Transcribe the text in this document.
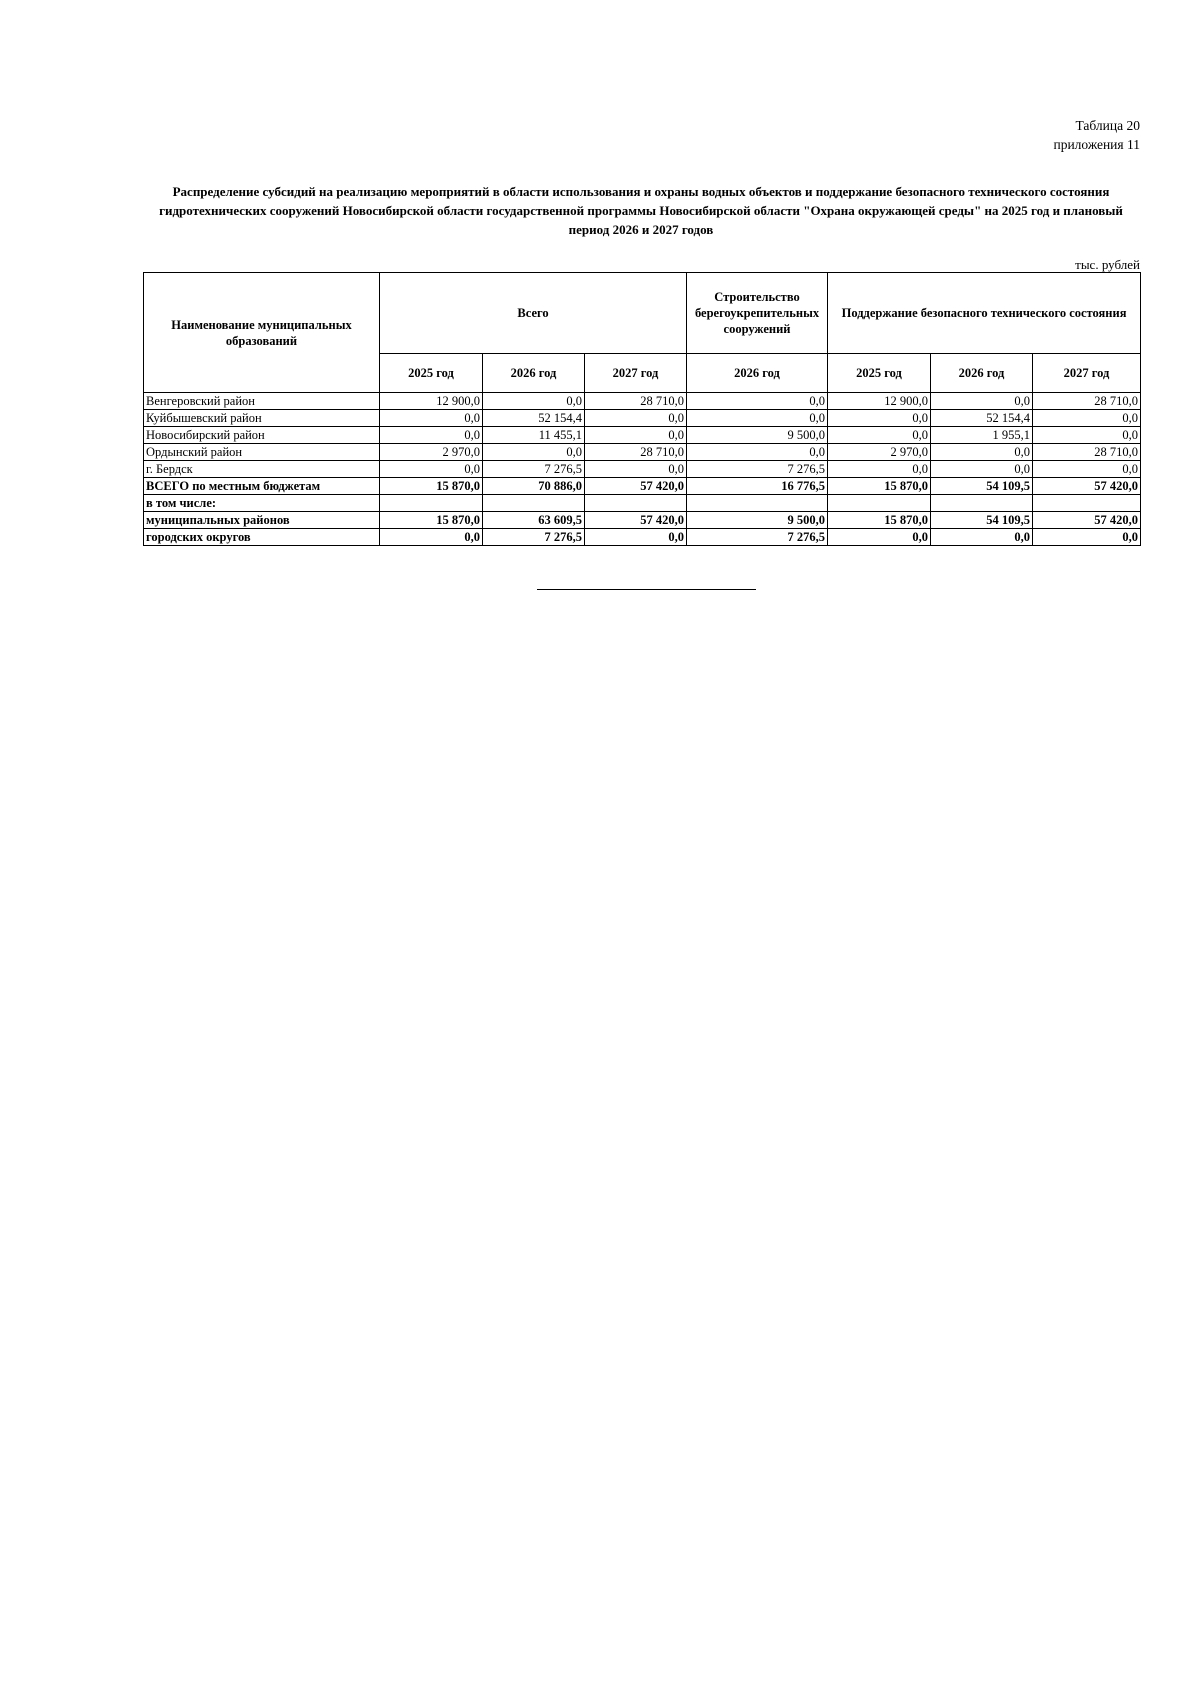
Таблица 20
приложения 11
Распределение субсидий на реализацию мероприятий в области использования и охраны водных объектов и поддержание безопасного технического состояния гидротехнических сооружений Новосибирской области государственной программы Новосибирской области "Охрана окружающей среды" на 2025 год и плановый период 2026 и 2027 годов
тыс. рублей
Наименование муниципальных образований	Всего			Строительство берегоукрепительных сооружений	Поддержание безопасного технического состояния		
	2025 год	2026 год	2027 год	2026 год	2025 год	2026 год	2027 год
Венгеровский район	12 900,0	0,0	28 710,0	0,0	12 900,0	0,0	28 710,0
Куйбышевский район	0,0	52 154,4	0,0	0,0	0,0	52 154,4	0,0
Новосибирский район	0,0	11 455,1	0,0	9 500,0	0,0	1 955,1	0,0
Ордынский район	2 970,0	0,0	28 710,0	0,0	2 970,0	0,0	28 710,0
г. Бердск	0,0	7 276,5	0,0	7 276,5	0,0	0,0	0,0
ВСЕГО по местным бюджетам	15 870,0	70 886,0	57 420,0	16 776,5	15 870,0	54 109,5	57 420,0
в том числе:							
муниципальных районов	15 870,0	63 609,5	57 420,0	9 500,0	15 870,0	54 109,5	57 420,0
городских округов	0,0	7 276,5	0,0	7 276,5	0,0	0,0	0,0
